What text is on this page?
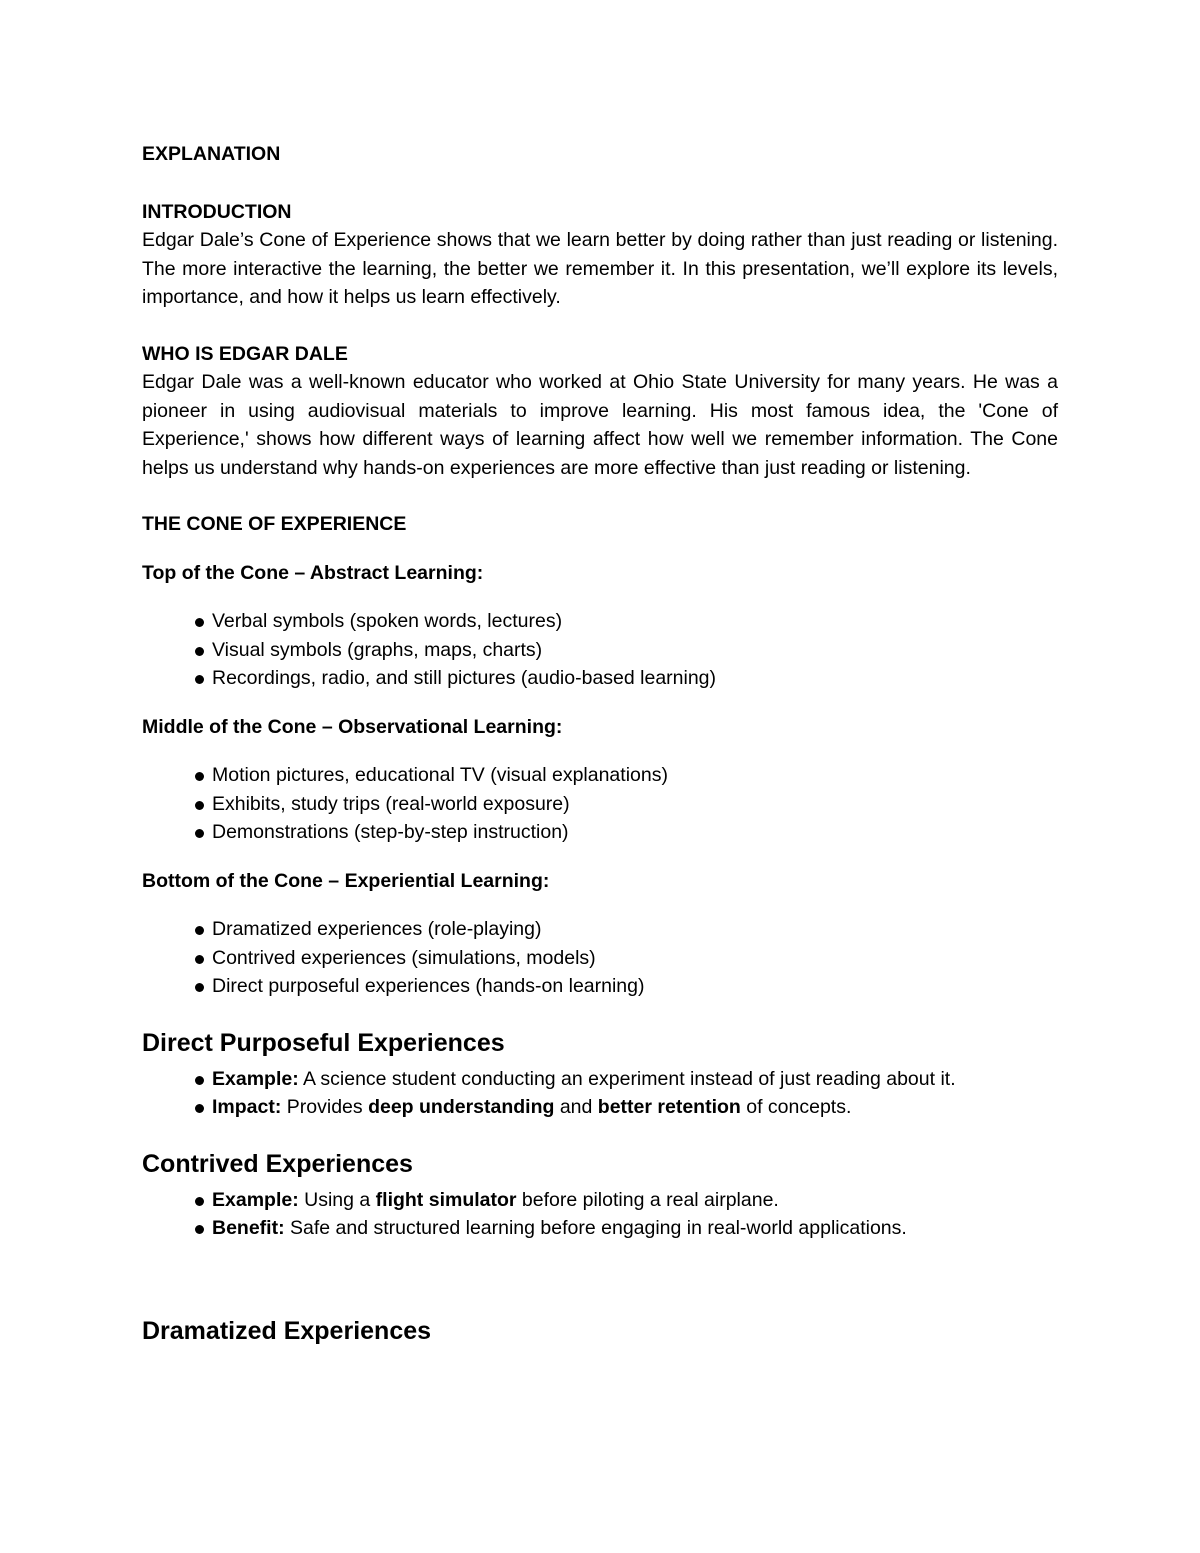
EXPLANATION
INTRODUCTION

Edgar Dale’s Cone of Experience shows that we learn better by doing rather than just reading or listening. The more interactive the learning, the better we remember it. In this presentation, we’ll explore its levels, importance, and how it helps us learn effectively.

WHO IS EDGAR DALE

Edgar Dale was a well-known educator who worked at Ohio State University for many years. He was a pioneer in using audiovisual materials to improve learning. His most famous idea, the 'Cone of Experience,' shows how different ways of learning affect how well we remember information. The Cone helps us understand why hands-on experiences are more effective than just reading or listening.

THE CONE OF EXPERIENCE
Top of the Cone – Abstract Learning:
Verbal symbols (spoken words, lectures)
Visual symbols (graphs, maps, charts)
Recordings, radio, and still pictures (audio-based learning)
Middle of the Cone – Observational Learning:
Motion pictures, educational TV (visual explanations)
Exhibits, study trips (real-world exposure)
Demonstrations (step-by-step instruction)
Bottom of the Cone – Experiential Learning:
Dramatized experiences (role-playing)
Contrived experiences (simulations, models)
Direct purposeful experiences (hands-on learning)
Direct Purposeful Experiences
Example: A science student conducting an experiment instead of just reading about it.
Impact: Provides deep understanding and better retention of concepts.
Contrived Experiences
Example: Using a flight simulator before piloting a real airplane.
Benefit: Safe and structured learning before engaging in real-world applications.
Dramatized Experiences
